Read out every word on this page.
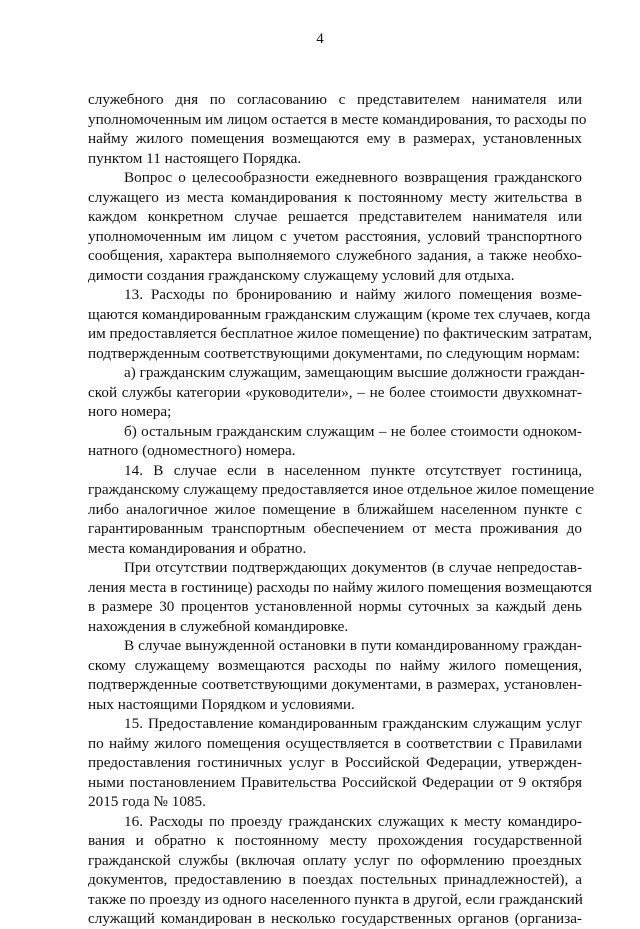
4
служебного дня по согласованию с представителем нанимателя или
уполномоченным им лицом остается в месте командирования, то расходы по
найму жилого помещения возмещаются ему в размерах, установленных
пунктом 11 настоящего Порядка.
Вопрос о целесообразности ежедневного возвращения гражданского
служащего из места командирования к постоянному месту жительства в
каждом конкретном случае решается представителем нанимателя или
уполномоченным им лицом с учетом расстояния, условий транспортного
сообщения, характера выполняемого служебного задания, а также необхо-
димости создания гражданскому служащему условий для отдыха.
13. Расходы по бронированию и найму жилого помещения возме-
щаются командированным гражданским служащим (кроме тех случаев, когда
им предоставляется бесплатное жилое помещение) по фактическим затратам,
подтвержденным соответствующими документами, по следующим нормам:
а) гражданским служащим, замещающим высшие должности граждан-
ской службы категории «руководители», – не более стоимости двухкомнат-
ного номера;
б) остальным гражданским служащим – не более стоимости одноком-
натного (одноместного) номера.
14. В случае если в населенном пункте отсутствует гостиница,
гражданскому служащему предоставляется иное отдельное жилое помещение
либо аналогичное жилое помещение в ближайшем населенном пункте с
гарантированным транспортным обеспечением от места проживания до
места командирования и обратно.
При отсутствии подтверждающих документов (в случае непредостав-
ления места в гостинице) расходы по найму жилого помещения возмещаются
в размере 30 процентов установленной нормы суточных за каждый день
нахождения в служебной командировке.
В случае вынужденной остановки в пути командированному граждан-
скому служащему возмещаются расходы по найму жилого помещения,
подтвержденные соответствующими документами, в размерах, установлен-
ных настоящими Порядком и условиями.
15. Предоставление командированным гражданским служащим услуг
по найму жилого помещения осуществляется в соответствии с Правилами
предоставления гостиничных услуг в Российской Федерации, утвержден-
ными постановлением Правительства Российской Федерации от 9 октября
2015 года № 1085.
16. Расходы по проезду гражданских служащих к месту командиро-
вания и обратно к постоянному месту прохождения государственной
гражданской службы (включая оплату услуг по оформлению проездных
документов, предоставлению в поездах постельных принадлежностей), а
также по проезду из одного населенного пункта в другой, если гражданский
служащий командирован в несколько государственных органов (организа-
